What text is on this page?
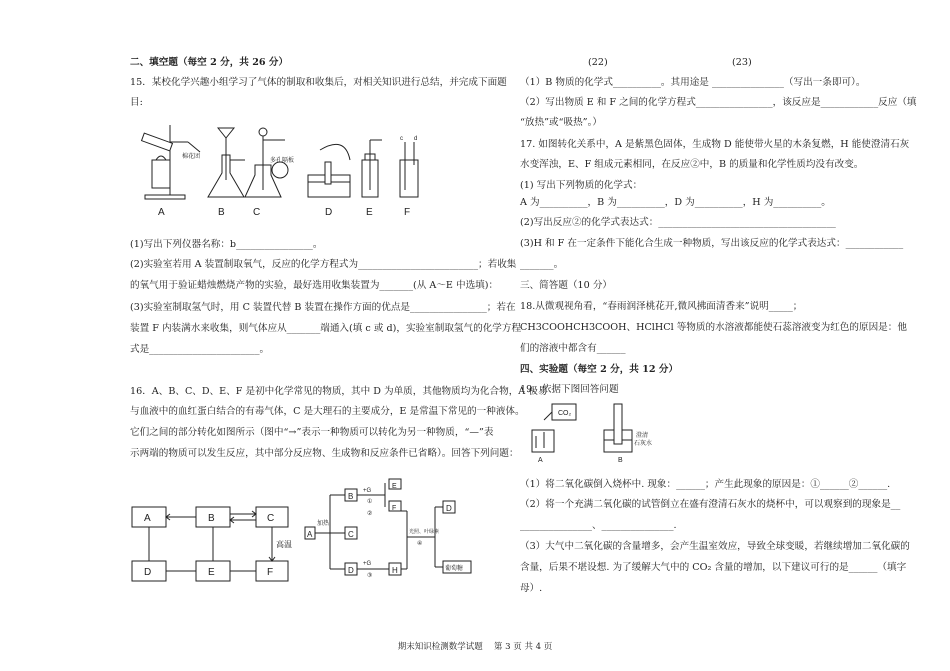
二、填空题（每空 2 分，共 26 分）
15．某校化学兴趣小组学习了气体的制取和收集后，对相关知识进行总结，并完成下面题
目:
棉花团
多孔隔板
c d
A	B	C	D	E	F
(1)写出下列仪器名称：b________________。
(2)实验室若用 A 装置制取氧气，反应的化学方程式为_________________________；若收集
的氧气用于验证蜡烛燃烧产物的实验，最好选用收集装置为_______(从 A～E 中选填)：
(3)实验室制取氢气时，用 C 装置代替 B 装置在操作方面的优点是________________；若在
装置 F 内装满水来收集，则气体应从_______端通入(填 c 或 d)，实验室制取氢气的化学方程
式是_______________________。
16．A、B、C、D、E、F 是初中化学常见的物质，其中 D 为单质，其他物质均为化合物，A 极易
与血液中的血红蛋白结合的有毒气体，C 是大理石的主要成分，E 是常温下常见的一种液体。
它们之间的部分转化如图所示（图中“→”表示一种物质可以转化为另一种物质，“—”表
示两端的物质可以发生反应，其中部分反应物、生成物和反应条件已省略）。回答下列问题：
A	B	C
D	E	F
高温
A
加热
B
C
D
+G
①
E
F
②
+G
③
H
光照、叶绿素
④
D
葡萄糖
(22)	(23)
（1）B 物质的化学式__________。其用途是 _______________（写出一条即可）。
（2）写出物质 E 和 F 之间的化学方程式________________，该反应是____________反应（填
“放热”或“吸热”。）
17. 如图转化关系中，A 是紫黑色固体，生成物 D 能使带火星的木条复燃，H 能使澄清石灰
水变浑浊，E、F 组成元素相同，在反应②中，B 的质量和化学性质均没有改变。
(1) 写出下列物质的化学式：
A 为__________，B 为__________，D 为__________，H 为__________。
(2)写出反应②的化学式表达式：_____________________________________
(3)H 和 F 在一定条件下能化合生成一种物质，写出该反应的化学式表达式：____________
_______。
三、简答题（10 分）
18.从微观视角看，“春雨润泽桃花开,微风拂面清香来”说明_____；
CH3COOHCH3COOH、HClHCl 等物质的水溶液都能使石蕊溶液变为红色的原因是：他
们的溶液中都含有______
四、实验题（每空 2 分，共 12 分）
19．依据下图回答问题
CO₂
A	B
澄清
石灰水
（1）将二氧化碳倒入烧杯中. 现象：______；产生此现象的原因是：①______②______.
（2）将一个充满二氧化碳的试管倒立在盛有澄清石灰水的烧杯中，可以观察到的现象是__
_______________、_______________.
（3）大气中二氧化碳的含量增多，会产生温室效应，导致全球变暖，若继续增加二氧化碳的
含量，后果不堪设想. 为了缓解大气中的 CO₂ 含量的增加，以下建议可行的是______（填字
母）.
期末知识检测数学试题　 第 3 页 共 4 页
